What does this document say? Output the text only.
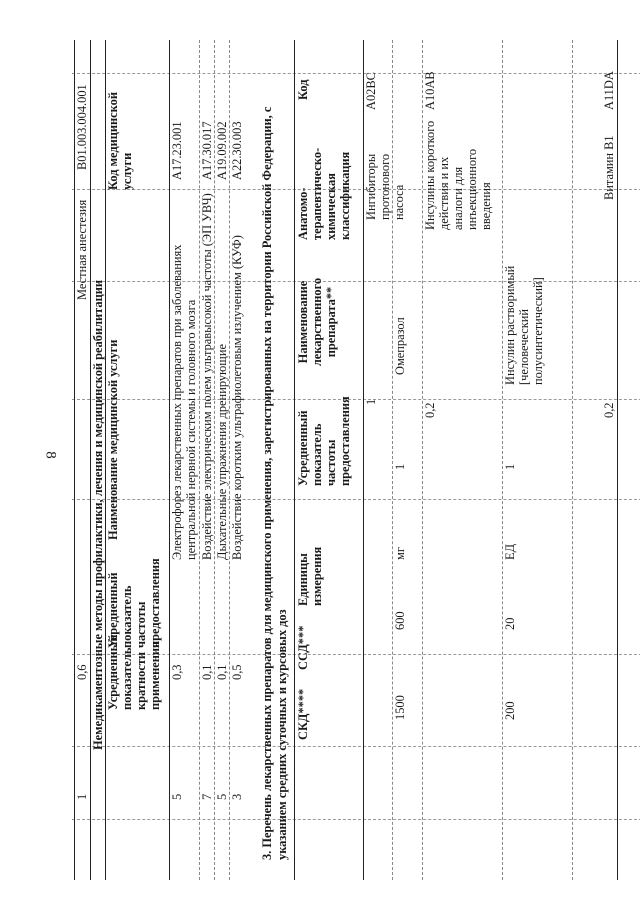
8
B01.003.004.001
Местная анестезия
0,6
1
Немедикаментозные методы профилактики, лечения и медицинской реабилитации
Код медицинской услуги
Наименование медицинской услуги
Усредненный показатель частоты предоставления
Усредненный показатель кратности применения
A17.23.001
Электрофорез лекарственных препаратов при заболеваниях центральной нервной системы и головного мозга
0,3
5
A17.30.017
Воздействие электрическим полем ультравысокой частоты (ЭП УВЧ)
0,1
7
A19.09.002
Дыхательные упражнения дренирующие
0,1
5
A22.30.003
Воздействие коротким ультрафиолетовым излучением (КУФ)
0,5
3 3. Перечень лекарственных препаратов для медицинского применения, зарегистрированных на территории Российской Федерации, с указанием средних суточных и курсовых доз
Код
Анатомо-терапевтическо-химическая классификация
Наименование лекарственного препарата**
Усредненный показатель частоты предоставления
Единицы измерения
ССД***
СКД****
A02BC
Ингибиторы протонового насоса
1
Омепразол
1
мг
600
1500
A10AB
Инсулины короткого действия и их аналоги для инъекционного введения
0,2
Инсулин растворимый [человеческий полусинтетический]
1
ЕД
20
200
A11DA
Витамин B1
0,2
